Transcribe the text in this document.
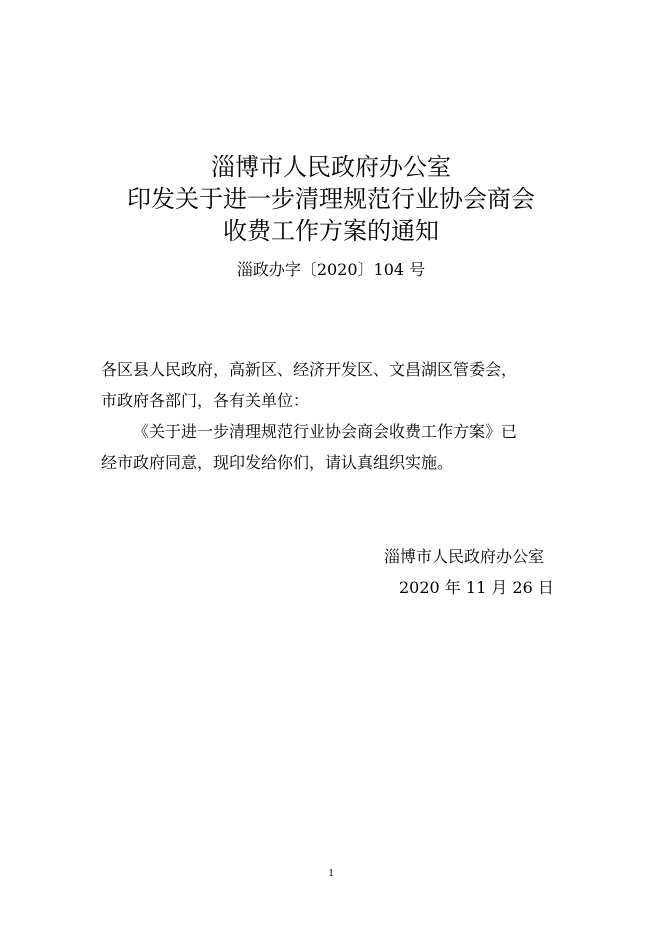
淄博市人民政府办公室
印发关于进一步清理规范行业协会商会
收费工作方案的通知
淄政办字〔2020〕104 号
各区县人民政府，高新区、经济开发区、文昌湖区管委会，
市政府各部门，各有关单位：
《关于进一步清理规范行业协会商会收费工作方案》已
经市政府同意，现印发给你们，请认真组织实施。
淄博市人民政府办公室
2020 年 11 月 26 日
1
